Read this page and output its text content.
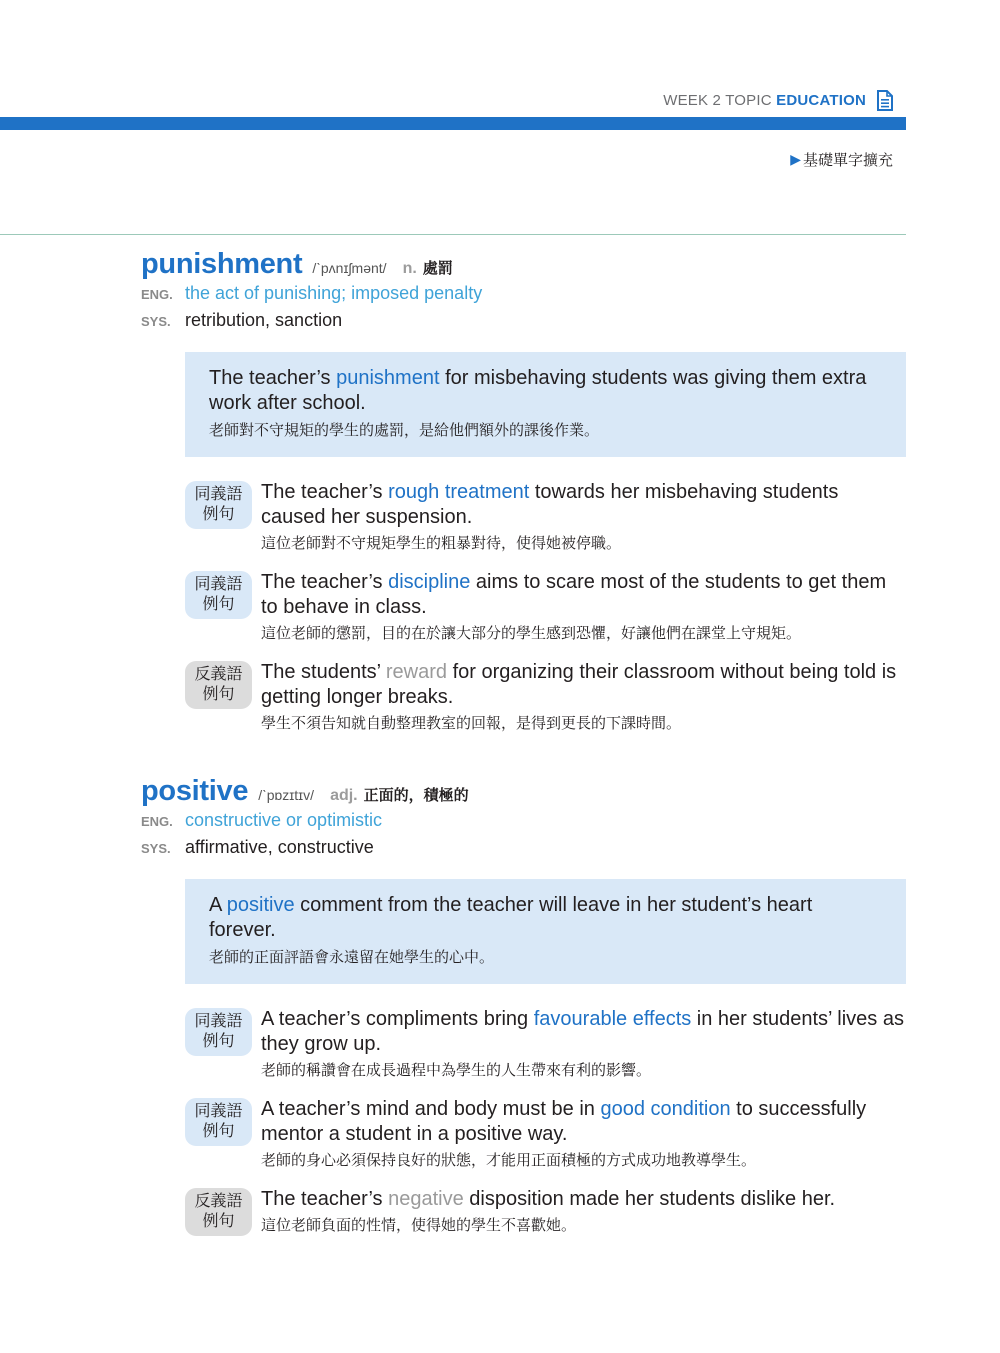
WEEK 2 TOPIC EDUCATION
▶ 基礎單字擴充
punishment /ˋpʌnɪʃmənt/ n. 處罰
ENG. the act of punishing; imposed penalty
SYS. retribution, sanction
The teacher’s punishment for misbehaving students was giving them extra work after school.
老師對不守規矩的學生的處罰，是給他們額外的課後作業。
同義語
例句
The teacher’s rough treatment towards her misbehaving students caused her suspension.
這位老師對不守規矩學生的粗暴對待，使得她被停職。
同義語
例句
The teacher’s discipline aims to scare most of the students to get them to behave in class.
這位老師的懲罰，目的在於讓大部分的學生感到恐懼，好讓他們在課堂上守規矩。
反義語
例句
The students’ reward for organizing their classroom without being told is getting longer breaks.
學生不須告知就自動整理教室的回報，是得到更長的下課時間。
positive /ˋpɒzɪtɪv/ adj. 正面的，積極的
ENG. constructive or optimistic
SYS. affirmative, constructive
A positive comment from the teacher will leave in her student’s heart forever.
老師的正面評語會永遠留在她學生的心中。
同義語
例句
A teacher’s compliments bring favourable effects in her students’ lives as they grow up.
老師的稱讚會在成長過程中為學生的人生帶來有利的影響。
同義語
例句
A teacher’s mind and body must be in good condition to successfully mentor a student in a positive way.
老師的身心必須保持良好的狀態，才能用正面積極的方式成功地教導學生。
反義語
例句
The teacher’s negative disposition made her students dislike her.
這位老師負面的性情，使得她的學生不喜歡她。
